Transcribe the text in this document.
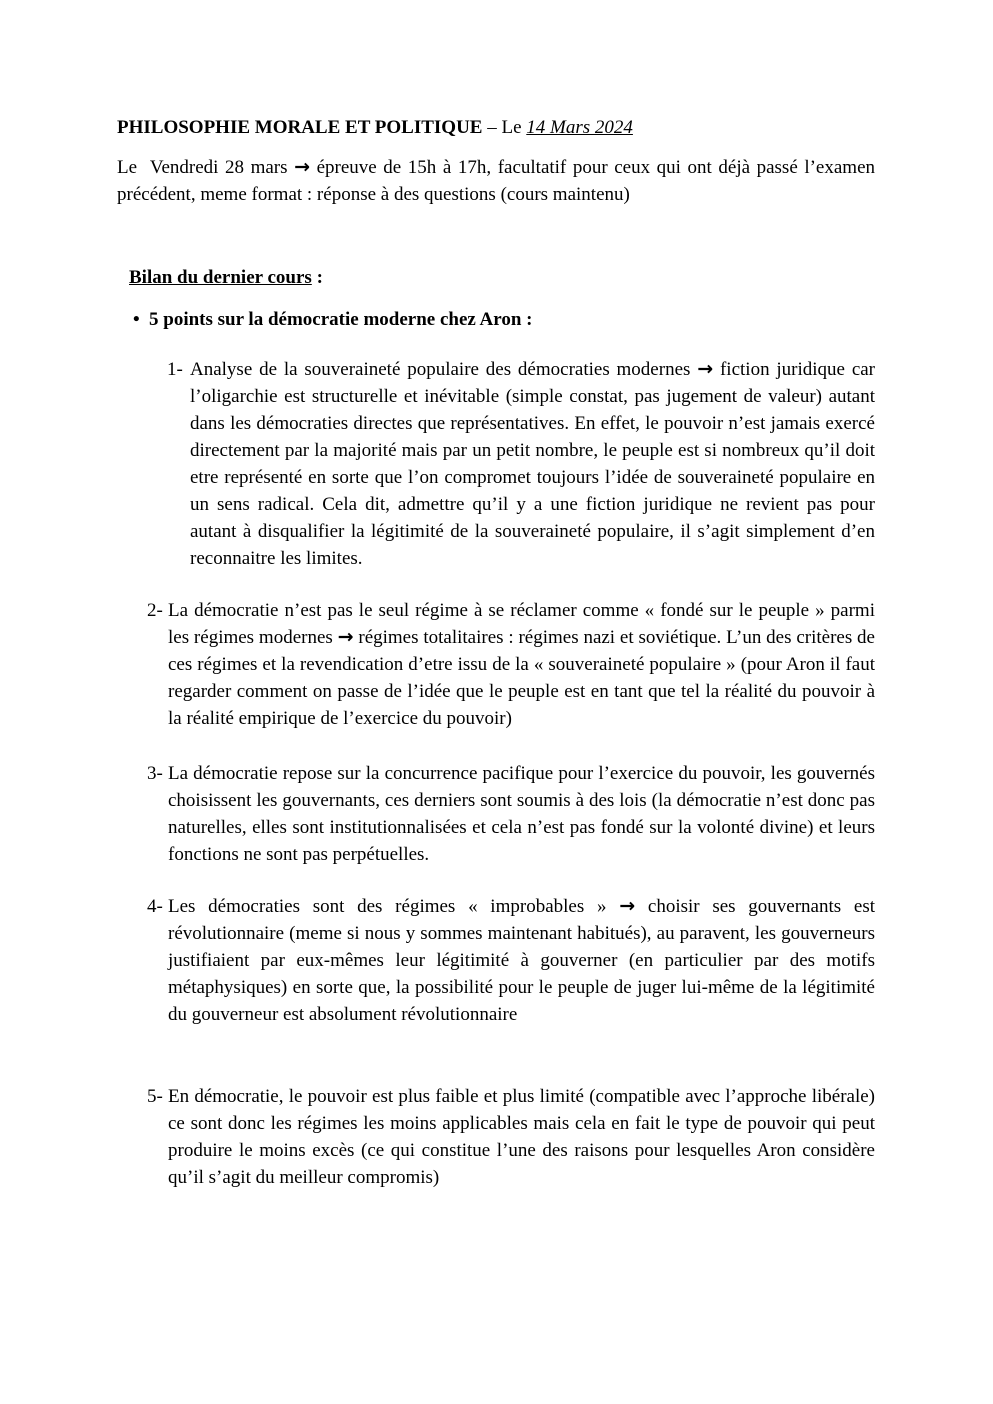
PHILOSOPHIE MORALE ET POLITIQUE – Le 14 Mars 2024

Le  Vendredi 28 mars → épreuve de 15h à 17h, facultatif pour ceux qui ont déjà passé l’examen précédent, meme format : réponse à des questions (cours maintenu)

Bilan du dernier cours :

• 5 points sur la démocratie moderne chez Aron :
1- Analyse de la souveraineté populaire des démocraties modernes → fiction juridique car l’oligarchie est structurelle et inévitable (simple constat, pas jugement de valeur) autant dans les démocraties directes que représentatives. En effet, le pouvoir n’est jamais exercé directement par la majorité mais par un petit nombre, le peuple est si nombreux qu’il doit etre représenté en sorte que l’on compromet toujours l’idée de souveraineté populaire en un sens radical. Cela dit, admettre qu’il y a une fiction juridique ne revient pas pour autant à disqualifier la légitimité de la souveraineté populaire, il s’agit simplement d’en reconnaitre les limites.
2- La démocratie n’est pas le seul régime à se réclamer comme « fondé sur le peuple » parmi les régimes modernes → régimes totalitaires : régimes nazi et soviétique. L’un des critères de ces régimes et la revendication d’etre issu de la « souveraineté populaire » (pour Aron il faut regarder comment on passe de l’idée que le peuple est en tant que tel la réalité du pouvoir à la réalité empirique de l’exercice du pouvoir)
3- La démocratie repose sur la concurrence pacifique pour l’exercice du pouvoir, les gouvernés choisissent les gouvernants, ces derniers sont soumis à des lois (la démocratie n’est donc pas naturelles, elles sont institutionnalisées et cela n’est pas fondé sur la volonté divine) et leurs fonctions ne sont pas perpétuelles.
4- Les démocraties sont des régimes « improbables » → choisir ses gouvernants est révolutionnaire (meme si nous y sommes maintenant habitués), au paravent, les gouverneurs justifiaient par eux-mêmes leur légitimité à gouverner (en particulier par des motifs métaphysiques) en sorte que, la possibilité pour le peuple de juger lui-même de la légitimité du gouverneur est absolument révolutionnaire
5- En démocratie, le pouvoir est plus faible et plus limité (compatible avec l’approche libérale) ce sont donc les régimes les moins applicables mais cela en fait le type de pouvoir qui peut produire le moins excès (ce qui constitue l’une des raisons pour lesquelles Aron considère qu’il s’agit du meilleur compromis)
